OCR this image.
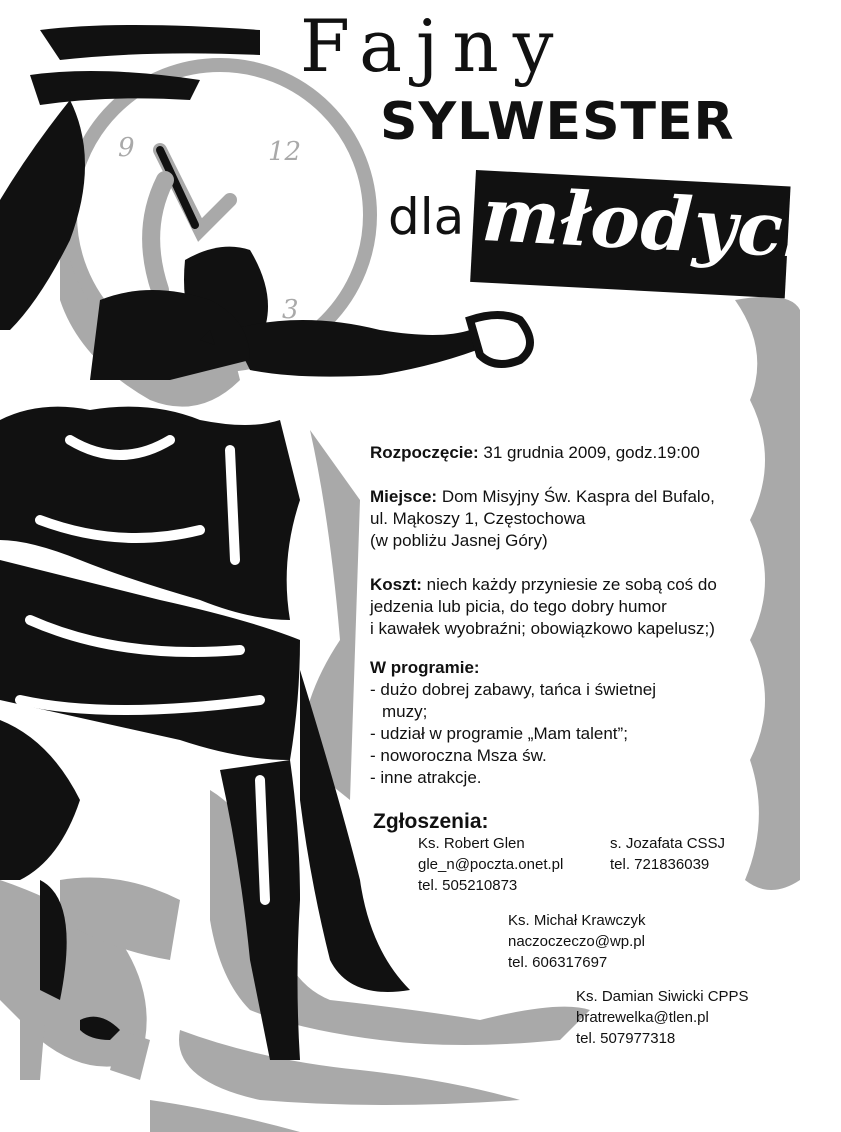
9	12
3
Fajny
SYLWESTER
dla młodych
Rozpoczęcie: 31 grudnia 2009, godz.19:00
Miejsce: Dom Misyjny Św. Kaspra del Bufalo,
ul. Mąkoszy 1, Częstochowa
(w pobliżu Jasnej Góry)
Koszt: niech każdy przyniesie ze sobą coś do
jedzenia lub picia, do tego dobry humor
i kawałek wyobraźni; obowiązkowo kapelusz;)
W programie:
- dużo dobrej zabawy, tańca i świetnej muzy;
- udział w programie „Mam talent”;
- noworoczna Msza św.
- inne atrakcje.
Zgłoszenia:
Ks. Robert Glen
gle_n@poczta.onet.pl
tel. 505210873
s. Jozafata CSSJ
tel. 721836039
Ks. Michał Krawczyk
naczoczeczo@wp.pl
tel. 606317697
Ks. Damian Siwicki CPPS
bratrewelka@tlen.pl
tel. 507977318
